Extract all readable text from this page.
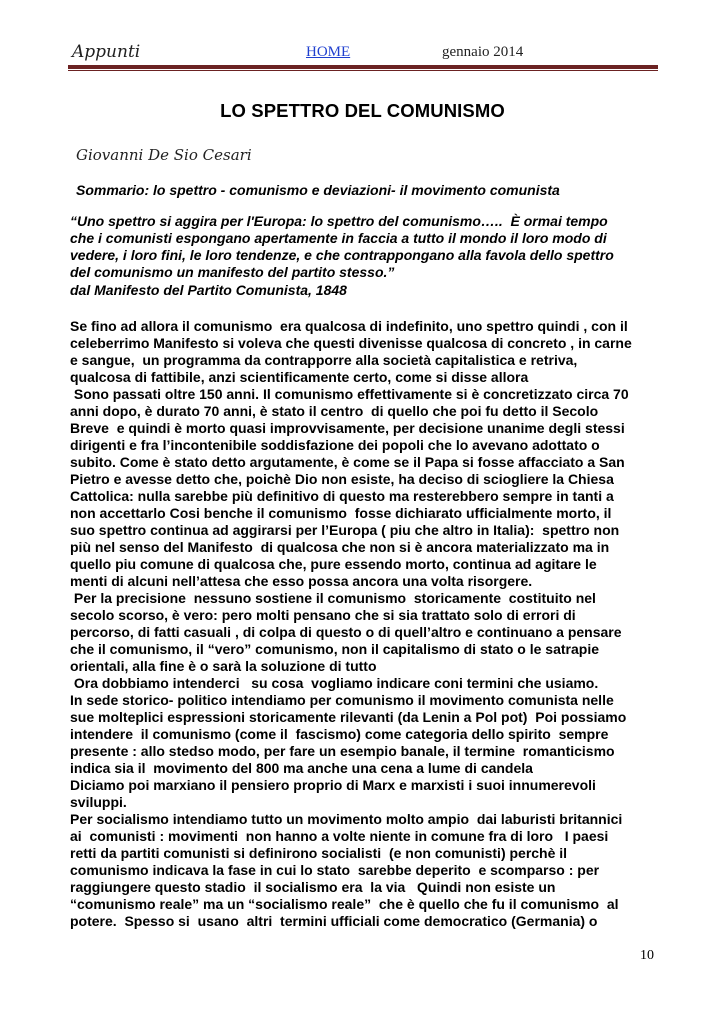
Appunti	HOME	gennaio 2014
LO SPETTRO DEL COMUNISMO
Giovanni De Sio Cesari
Sommario: lo spettro - comunismo e deviazioni- il movimento comunista

“Uno spettro si aggira per l'Europa: lo spettro del comunismo…..  È ormai tempo

che i comunisti espongano apertamente in faccia a tutto il mondo il loro modo di

vedere, i loro fini, le loro tendenze, e che contrappongano alla favola dello spettro

del comunismo un manifesto del partito stesso.”

dal Manifesto del Partito Comunista, 1848

Se fino ad allora il comunismo  era qualcosa di indefinito, uno spettro quindi , con il

celeberrimo Manifesto si voleva che questi divenisse qualcosa di concreto , in carne

e sangue,  un programma da contrapporre alla società capitalistica e retriva,

qualcosa di fattibile, anzi scientificamente certo, come si disse allora

Sono passati oltre 150 anni. Il comunismo effettivamente si è concretizzato circa 70

anni dopo, è durato 70 anni, è stato il centro  di quello che poi fu detto il Secolo

Breve  e quindi è morto quasi improvvisamente, per decisione unanime degli stessi

dirigenti e fra l’incontenibile soddisfazione dei popoli che lo avevano adottato o

subito. Come è stato detto argutamente, è come se il Papa si fosse affacciato a San

Pietro e avesse detto che, poichè Dio non esiste, ha deciso di sciogliere la Chiesa

Cattolica: nulla sarebbe più definitivo di questo ma resterebbero sempre in tanti a

non accettarlo Cosi benche il comunismo  fosse dichiarato ufficialmente morto, il

suo spettro continua ad aggirarsi per l’Europa ( piu che altro in Italia):  spettro non

più nel senso del Manifesto  di qualcosa che non si è ancora materializzato ma in

quello piu comune di qualcosa che, pure essendo morto, continua ad agitare le

menti di alcuni nell’attesa che esso possa ancora una volta risorgere.

Per la precisione  nessuno sostiene il comunismo  storicamente  costituito nel

secolo scorso, è vero: pero molti pensano che si sia trattato solo di errori di

percorso, di fatti casuali , di colpa di questo o di quell’altro e continuano a pensare

che il comunismo, il “vero” comunismo, non il capitalismo di stato o le satrapie

orientali, alla fine è o sarà la soluzione di tutto

Ora dobbiamo intenderci   su cosa  vogliamo indicare coni termini che usiamo.

In sede storico- politico intendiamo per comunismo il movimento comunista nelle

sue molteplici espressioni storicamente rilevanti (da Lenin a Pol pot)  Poi possiamo

intendere  il comunismo (come il  fascismo) come categoria dello spirito  sempre

presente : allo stedso modo, per fare un esempio banale, il termine  romanticismo

indica sia il  movimento del 800 ma anche una cena a lume di candela

Diciamo poi marxiano il pensiero proprio di Marx e marxisti i suoi innumerevoli

sviluppi.

Per socialismo intendiamo tutto un movimento molto ampio  dai laburisti britannici

ai  comunisti : movimenti  non hanno a volte niente in comune fra di loro   I paesi

retti da partiti comunisti si definirono socialisti  (e non comunisti) perchè il

comunismo indicava la fase in cui lo stato  sarebbe deperito  e scomparso : per

raggiungere questo stadio  il socialismo era  la via   Quindi non esiste un

“comunismo reale” ma un “socialismo reale”  che è quello che fu il comunismo  al

potere.  Spesso si  usano  altri  termini ufficiali come democratico (Germania) o

10
